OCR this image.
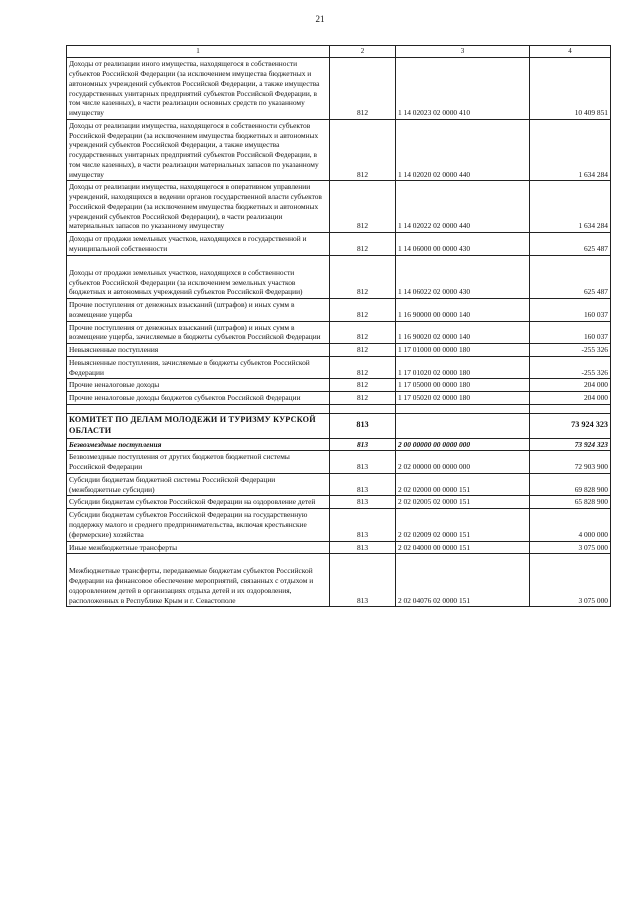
21
1	2	3	4
Доходы от реализации иного имущества, находящегося в собственности субъектов Российской Федерации (за исключением имущества бюджетных и автономных учреждений субъектов Российской Федерации, а также имущества государственных унитарных предприятий субъектов Российской Федерации, в том числе казенных), в части реализации основных средств по указанному имуществу	812	1 14 02023 02 0000 410	10 409 851
Доходы от реализации имущества, находящегося в собственности субъектов Российской Федерации (за исключением имущества бюджетных и автономных учреждений субъектов Российской Федерации, а также имущества государственных унитарных предприятий субъектов Российской Федерации, в том числе казенных), в части реализации материальных запасов по указанному имуществу	812	1 14 02020 02 0000 440	1 634 284
Доходы от реализации имущества, находящегося в оперативном управлении учреждений, находящихся в ведении органов государственной власти субъектов Российской Федерации (за исключением имущества бюджетных и автономных учреждений субъектов Российской Федерации), в части реализации материальных запасов по указанному имуществу	812	1 14 02022 02 0000 440	1 634 284
Доходы от продажи земельных участков, находящихся в государственной и муниципальной собственности	812	1 14 06000 00 0000 430	625 487
Доходы от продажи земельных участков, находящихся в собственности субъектов Российской Федерации (за исключением земельных участков бюджетных и автономных учреждений субъектов Российской Федерации)	812	1 14 06022 02 0000 430	625 487
Прочие поступления от денежных взысканий (штрафов) и иных сумм в возмещение ущерба	812	1 16 90000 00 0000 140	160 037
Прочие поступления от денежных взысканий (штрафов) и иных сумм в возмещение ущерба, зачисляемые в бюджеты субъектов Российской Федерации	812	1 16 90020 02 0000 140	160 037
Невыясненные поступления	812	1 17 01000 00 0000 180	-255 326
Невыясненные поступления, зачисляемые в бюджеты субъектов Российской Федерации	812	1 17 01020 02 0000 180	-255 326
Прочие неналоговые доходы	812	1 17 05000 00 0000 180	204 000
Прочие неналоговые доходы бюджетов субъектов Российской Федерации	812	1 17 05020 02 0000 180	204 000

КОМИТЕТ ПО ДЕЛАМ МОЛОДЕЖИ И ТУРИЗМУ КУРСКОЙ ОБЛАСТИ	813		73 924 323
Безвозмездные поступления	813	2 00 00000 00 0000 000	73 924 323
Безвозмездные поступления от других бюджетов бюджетной системы Российской Федерации	813	2 02 00000 00 0000 000	72 903 900
Субсидии бюджетам бюджетной системы Российской Федерации (межбюджетные субсидии)	813	2 02 02000 00 0000 151	69 828 900
Субсидии бюджетам субъектов Российской Федерации на оздоровление детей	813	2 02 02005 02 0000 151	65 828 900
Субсидии бюджетам субъектов Российской Федерации на государственную поддержку малого и среднего предпринимательства, включая крестьянские (фермерские) хозяйства	813	2 02 02009 02 0000 151	4 000 000
Иные межбюджетные трансферты	813	2 02 04000 00 0000 151	3 075 000
Межбюджетные трансферты, передаваемые бюджетам субъектов Российской Федерации на финансовое обеспечение мероприятий, связанных с отдыхом и оздоровлением детей в организациях отдыха детей и их оздоровления, расположенных в Республике Крым и г. Севастополе	813	2 02 04076 02 0000 151	3 075 000
